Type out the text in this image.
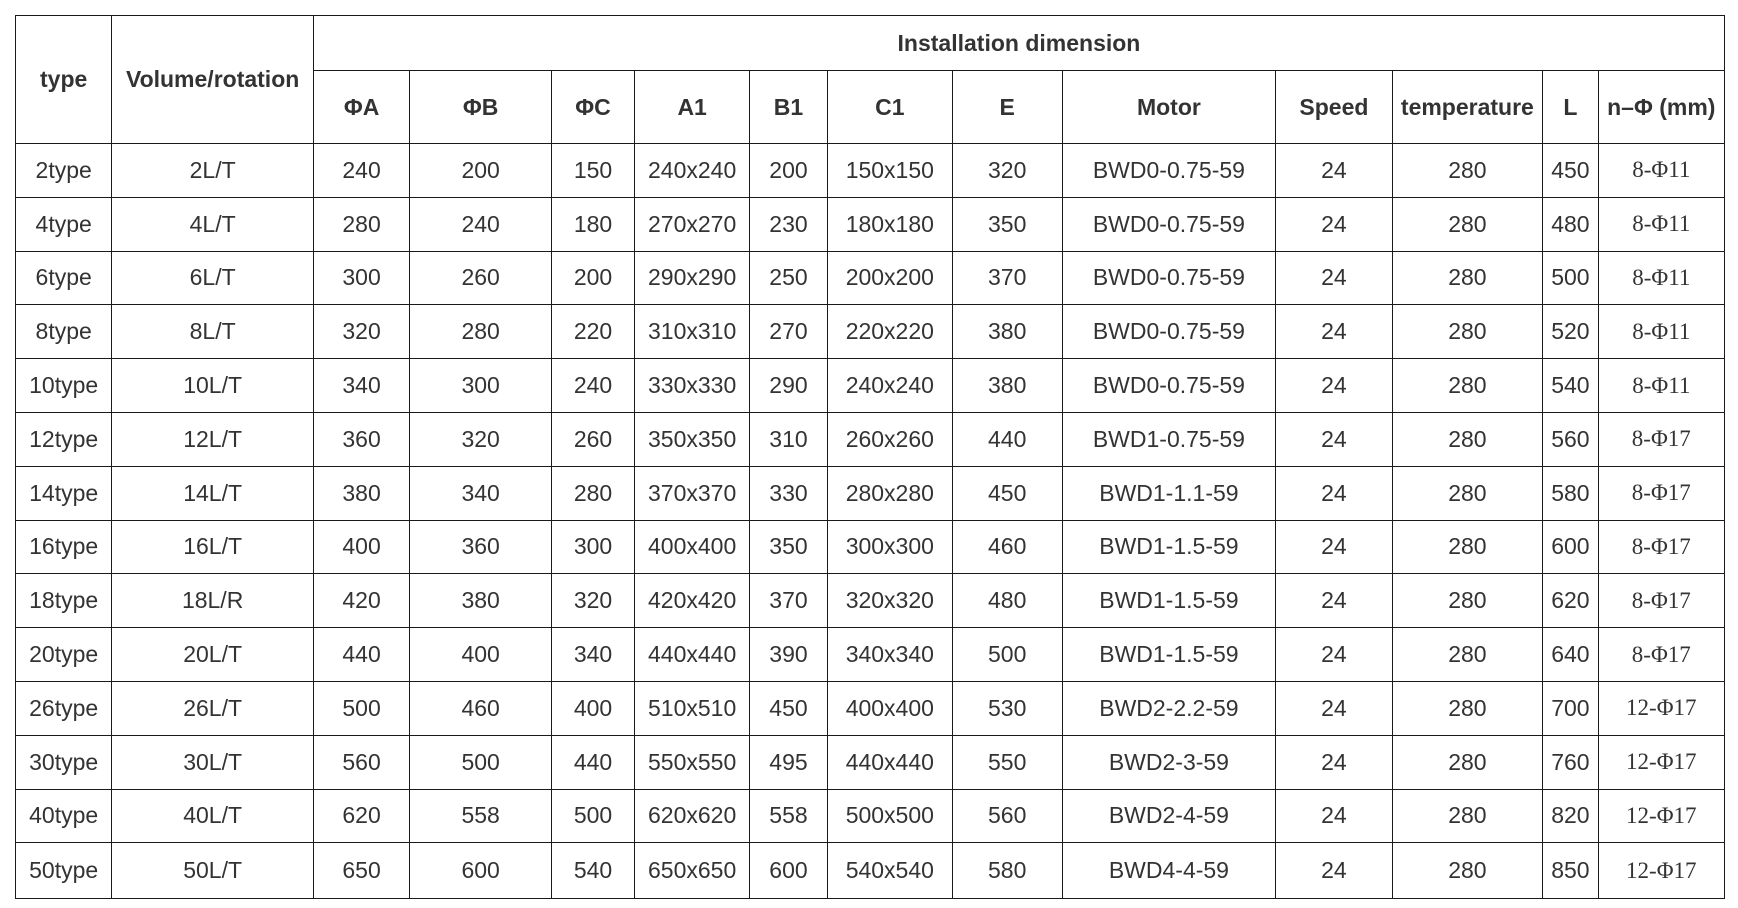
type	Volume/rotation	Installation dimension											
		ΦA	ΦB	ΦC	A1	B1	C1	E	Motor	Speed	temperature	L	n–Φ (mm)
2type	2L/T	240	200	150	240x240	200	150x150	320	BWD0-0.75-59	24	280	450	8-Φ11
4type	4L/T	280	240	180	270x270	230	180x180	350	BWD0-0.75-59	24	280	480	8-Φ11
6type	6L/T	300	260	200	290x290	250	200x200	370	BWD0-0.75-59	24	280	500	8-Φ11
8type	8L/T	320	280	220	310x310	270	220x220	380	BWD0-0.75-59	24	280	520	8-Φ11
10type	10L/T	340	300	240	330x330	290	240x240	380	BWD0-0.75-59	24	280	540	8-Φ11
12type	12L/T	360	320	260	350x350	310	260x260	440	BWD1-0.75-59	24	280	560	8-Φ17
14type	14L/T	380	340	280	370x370	330	280x280	450	BWD1-1.1-59	24	280	580	8-Φ17
16type	16L/T	400	360	300	400x400	350	300x300	460	BWD1-1.5-59	24	280	600	8-Φ17
18type	18L/R	420	380	320	420x420	370	320x320	480	BWD1-1.5-59	24	280	620	8-Φ17
20type	20L/T	440	400	340	440x440	390	340x340	500	BWD1-1.5-59	24	280	640	8-Φ17
26type	26L/T	500	460	400	510x510	450	400x400	530	BWD2-2.2-59	24	280	700	12-Φ17
30type	30L/T	560	500	440	550x550	495	440x440	550	BWD2-3-59	24	280	760	12-Φ17
40type	40L/T	620	558	500	620x620	558	500x500	560	BWD2-4-59	24	280	820	12-Φ17
50type	50L/T	650	600	540	650x650	600	540x540	580	BWD4-4-59	24	280	850	12-Φ17
